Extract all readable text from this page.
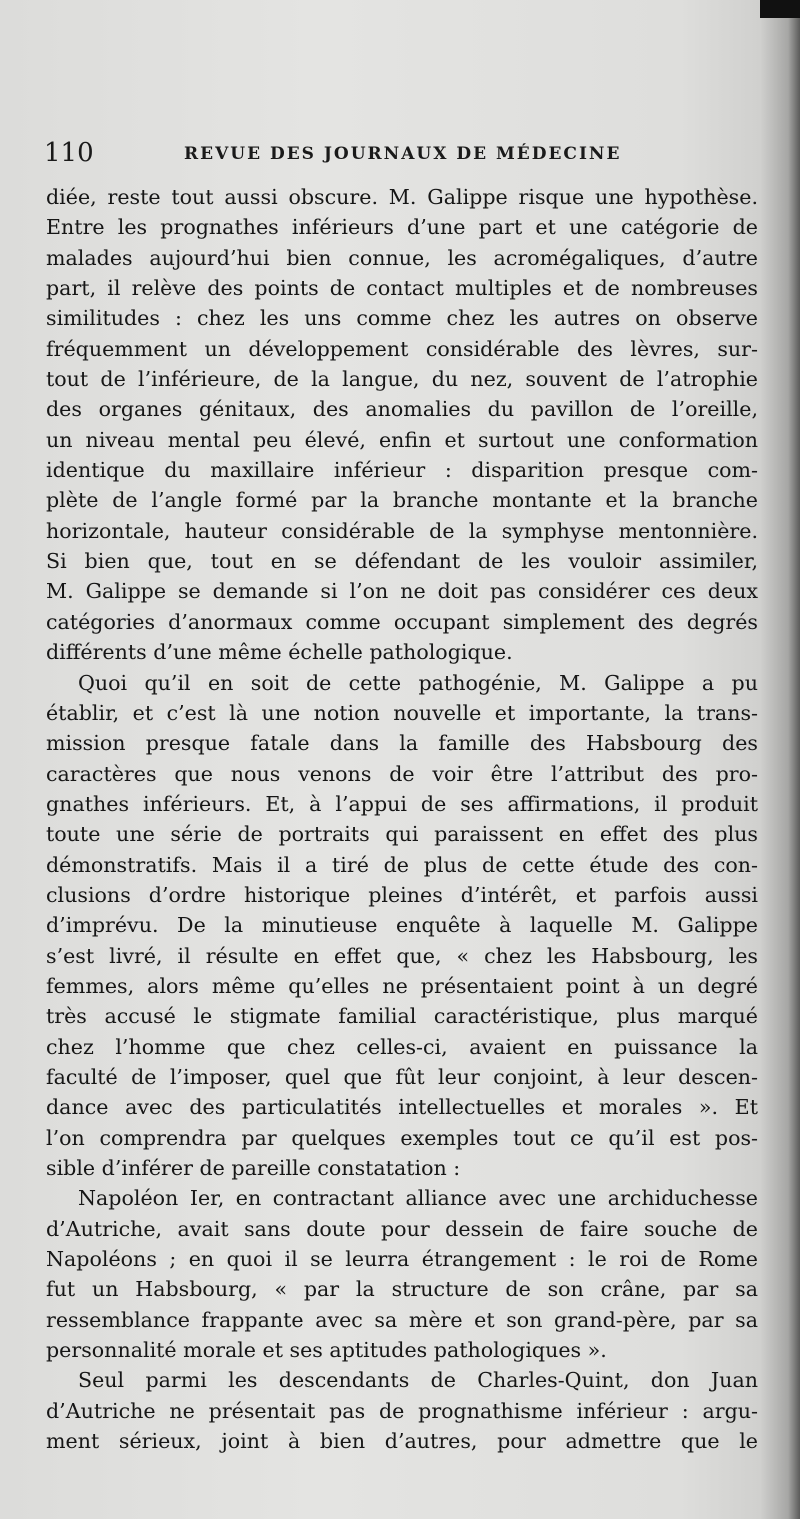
110	REVUE DES JOURNAUX DE MÉDECINE
diée, reste tout aussi obscure. M. Galippe risque une hypothèse.
Entre les prognathes inférieurs d’une part et une catégorie de
malades aujourd’hui bien connue, les acromégaliques, d’autre
part, il relève des points de contact multiples et de nombreuses
similitudes : chez les uns comme chez les autres on observe
fréquemment un développement considérable des lèvres, sur-
tout de l’inférieure, de la langue, du nez, souvent de l’atrophie
des organes génitaux, des anomalies du pavillon de l’oreille,
un niveau mental peu élevé, enfin et surtout une conformation
identique du maxillaire inférieur : disparition presque com-
plète de l’angle formé par la branche montante et la branche
horizontale, hauteur considérable de la symphyse mentonnière.
Si bien que, tout en se défendant de les vouloir assimiler,
M. Galippe se demande si l’on ne doit pas considérer ces deux
catégories d’anormaux comme occupant simplement des degrés
différents d’une même échelle pathologique.
Quoi qu’il en soit de cette pathogénie, M. Galippe a pu
établir, et c’est là une notion nouvelle et importante, la trans-
mission presque fatale dans la famille des Habsbourg des
caractères que nous venons de voir être l’attribut des pro-
gnathes inférieurs. Et, à l’appui de ses affirmations, il produit
toute une série de portraits qui paraissent en effet des plus
démonstratifs. Mais il a tiré de plus de cette étude des con-
clusions d’ordre historique pleines d’intérêt, et parfois aussi
d’imprévu. De la minutieuse enquête à laquelle M. Galippe
s’est livré, il résulte en effet que, « chez les Habsbourg, les
femmes, alors même qu’elles ne présentaient point à un degré
très accusé le stigmate familial caractéristique, plus marqué
chez l’homme que chez celles-ci, avaient en puissance la
faculté de l’imposer, quel que fût leur conjoint, à leur descen-
dance avec des particulatités intellectuelles et morales ». Et
l’on comprendra par quelques exemples tout ce qu’il est pos-
sible d’inférer de pareille constatation :
Napoléon Ier, en contractant alliance avec une archiduchesse
d’Autriche, avait sans doute pour dessein de faire souche de
Napoléons ; en quoi il se leurra étrangement : le roi de Rome
fut un Habsbourg, « par la structure de son crâne, par sa
ressemblance frappante avec sa mère et son grand-père, par sa
personnalité morale et ses aptitudes pathologiques ».
Seul parmi les descendants de Charles-Quint, don Juan
d’Autriche ne présentait pas de prognathisme inférieur : argu-
ment sérieux, joint à bien d’autres, pour admettre que le
